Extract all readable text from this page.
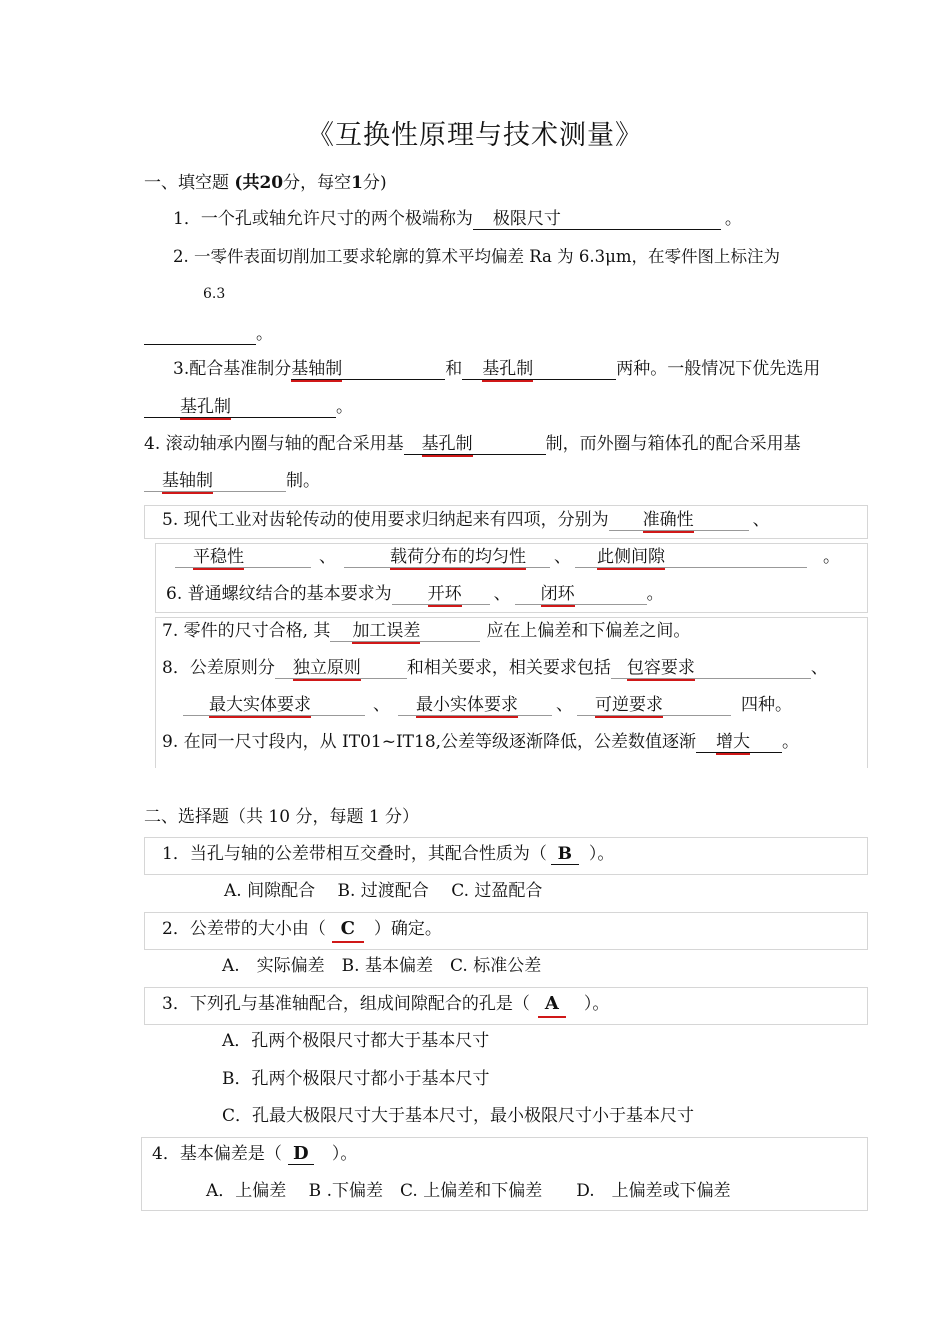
《互换性原理与技术测量》
一、填空题 (共20分，每空1分)
1．一个孔或轴允许尺寸的两个极端称为 极限尺寸	。
2. 一零件表面切削加工要求轮廓的算术平均偏差 Ra 为 6.3μm，在零件图上标注为
6.3
。
3.配合基准制分基轴制	和 基孔制	两种。一般情况下优先选用
基孔制	。
4. 滚动轴承内圈与轴的配合采用基 基孔制	制，而外圈与箱体孔的配合采用基
基轴制	制。
5. 现代工业对齿轮传动的使用要求归纳起来有四项，分别为 准确性	、
平稳性	、	载荷分布的均匀性 、 此侧间隙	。
6. 普通螺纹结合的基本要求为 开环 、 闭环	。
7. 零件的尺寸合格, 其 加工误差	应在上偏差和下偏差之间。
8．公差原则分 独立原则	和相关要求，相关要求包括 包容要求	、
最大实体要求	、 最小实体要求 、 可逆要求	四种。
9. 在同一尺寸段内，从 IT01~IT18,公差等级逐渐降低，公差数值逐渐 增大 。
二、选择题（共 10 分，每题 1 分）
1．当孔与轴的公差带相互交叠时，其配合性质为（ B ）。
A. 间隙配合　 B. 过渡配合　 C. 过盈配合
2．公差带的大小由（ C ）确定。
A.　实际偏差　B. 基本偏差　C. 标准公差
3．下列孔与基准轴配合，组成间隙配合的孔是（ A ）。
A．孔两个极限尺寸都大于基本尺寸
B．孔两个极限尺寸都小于基本尺寸
C．孔最大极限尺寸大于基本尺寸，最小极限尺寸小于基本尺寸
4．基本偏差是（ D ）。
A．上偏差　 B .下偏差　C. 上偏差和下偏差　　D.　上偏差或下偏差
